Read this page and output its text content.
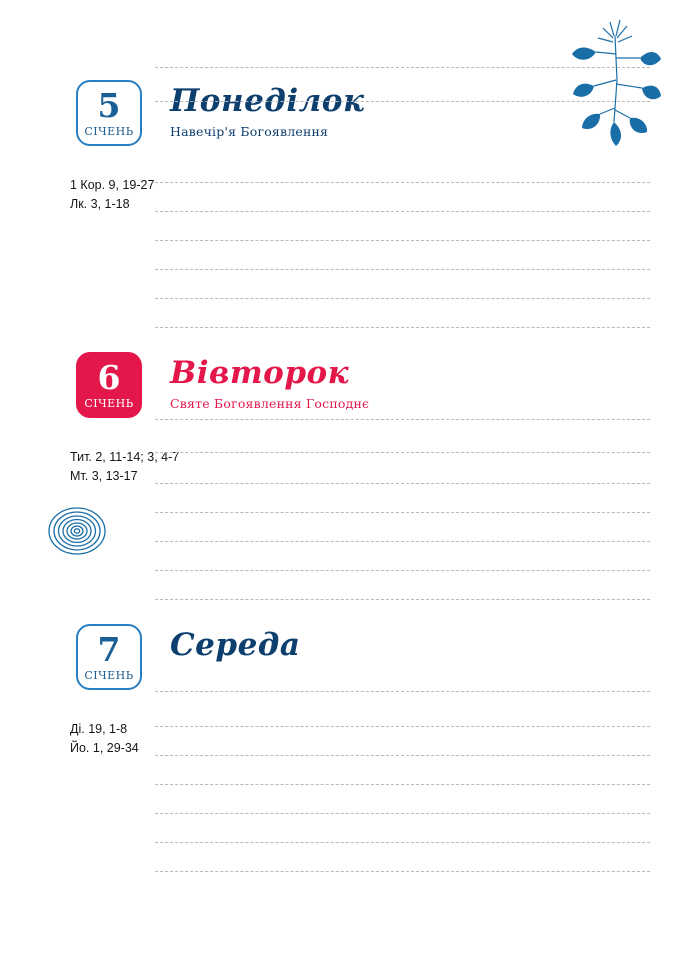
5
СІЧЕНЬ
Понеділок
Навечір'я Богоявлення
1 Кор. 9, 19-27
Лк. 3, 1-18
6
СІЧЕНЬ
Вівторок
Святе Богоявлення Господнє
Тит. 2, 11-14; 3, 4-7
Мт. 3, 13-17
7
СІЧЕНЬ
Середа
Ді. 19, 1-8
Йо. 1, 29-34
